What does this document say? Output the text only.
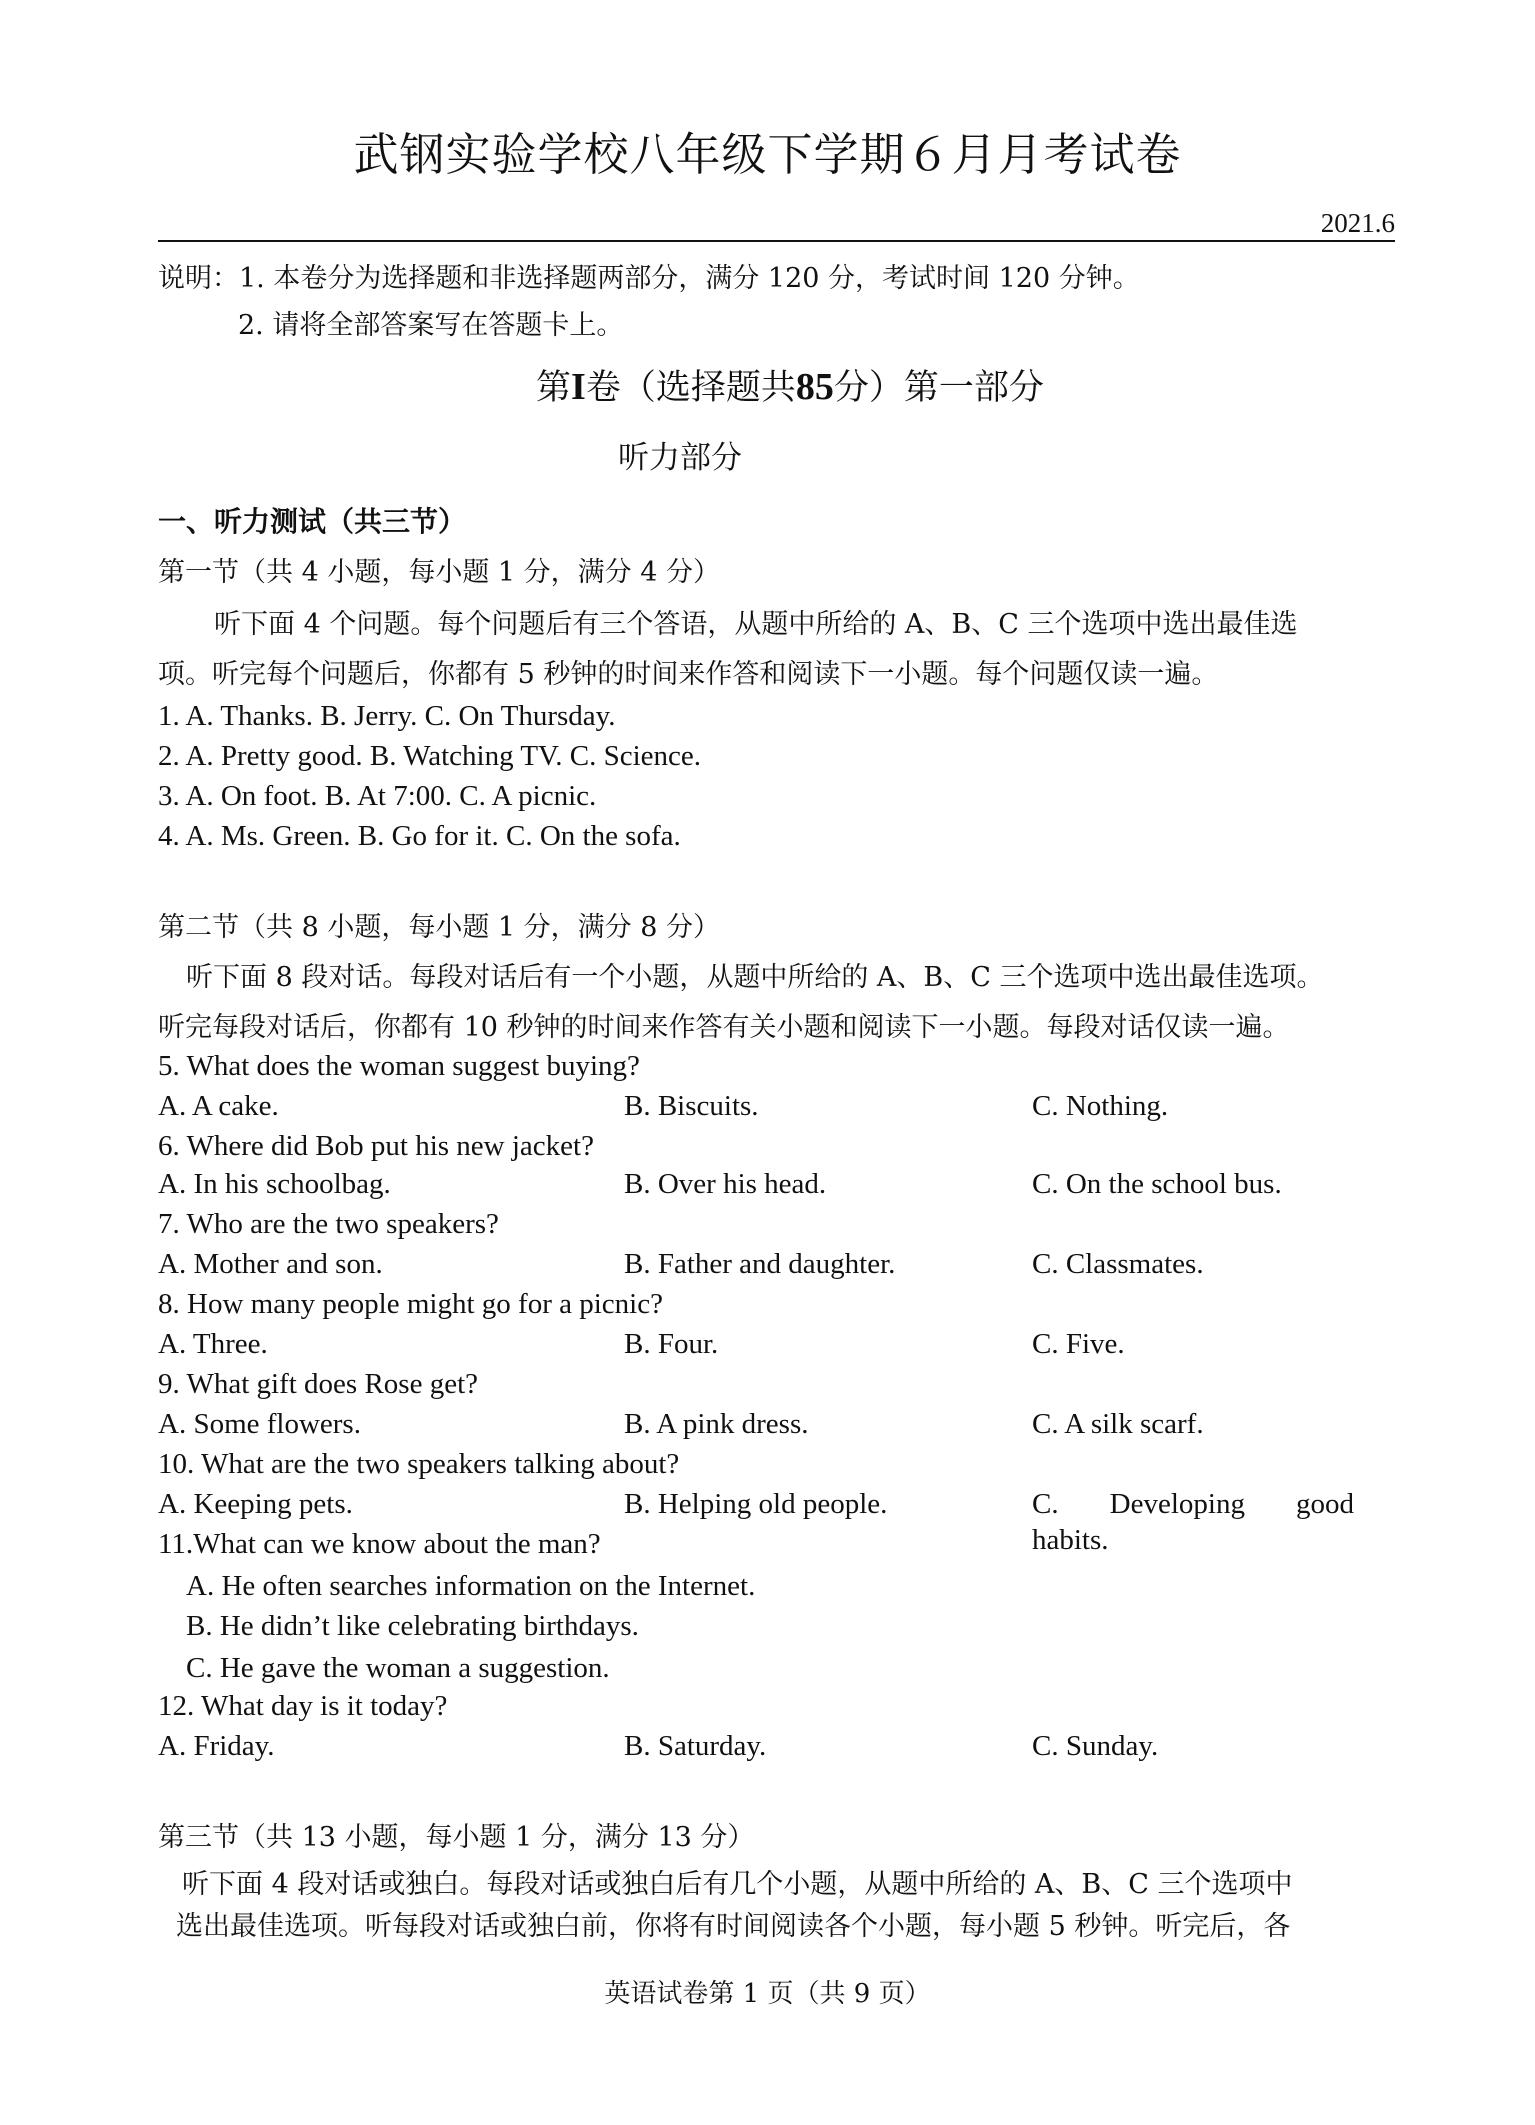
武钢实验学校八年级下学期６月月考试卷
2021.6
说明：1. 本卷分为选择题和非选择题两部分，满分 120 分，考试时间 120 分钟。
2. 请将全部答案写在答题卡上。
第I卷（选择题共85分）第一部分
听力部分
一、听力测试（共三节）
第一节（共 4 小题，每小题 1 分，满分 4 分）
听下面 4 个问题。每个问题后有三个答语，从题中所给的 A、B、C 三个选项中选出最佳选
项。听完每个问题后，你都有 5 秒钟的时间来作答和阅读下一小题。每个问题仅读一遍。
1. A. Thanks. B. Jerry. C. On Thursday.
2. A. Pretty good. B. Watching TV. C. Science.
3. A. On foot. B. At 7:00. C. A picnic.
4. A. Ms. Green. B. Go for it. C. On the sofa.
第二节（共 8 小题，每小题 1 分，满分 8 分）
听下面 8 段对话。每段对话后有一个小题，从题中所给的 A、B、C 三个选项中选出最佳选项。
听完每段对话后，你都有 10 秒钟的时间来作答有关小题和阅读下一小题。每段对话仅读一遍。
5. What does the woman suggest buying?
A. A cake.	B. Biscuits.	C. Nothing.
6. Where did Bob put his new jacket?
A. In his schoolbag.	B. Over his head.	C. On the school bus.
7. Who are the two speakers?
A. Mother and son.	B. Father and daughter.	C. Classmates.
8. How many people might go for a picnic?
A. Three.	B. Four.	C. Five.
9. What gift does Rose get?
A. Some flowers.	B. A pink dress.	C. A silk scarf.
10. What are the two speakers talking about?
A. Keeping pets.	B. Helping old people.	C. Developing good
habits.
11.What can we know about the man?
A. He often searches information on the Internet.
B. He didn’t like celebrating birthdays.
C. He gave the woman a suggestion.
12. What day is it today?
A. Friday.	B. Saturday.	C. Sunday.
第三节（共 13 小题，每小题 1 分，满分 13 分）
听下面 4 段对话或独白。每段对话或独白后有几个小题，从题中所给的 A、B、C 三个选项中
选出最佳选项。听每段对话或独白前，你将有时间阅读各个小题，每小题 5 秒钟。听完后，各
英语试卷第 1 页（共 9 页）
